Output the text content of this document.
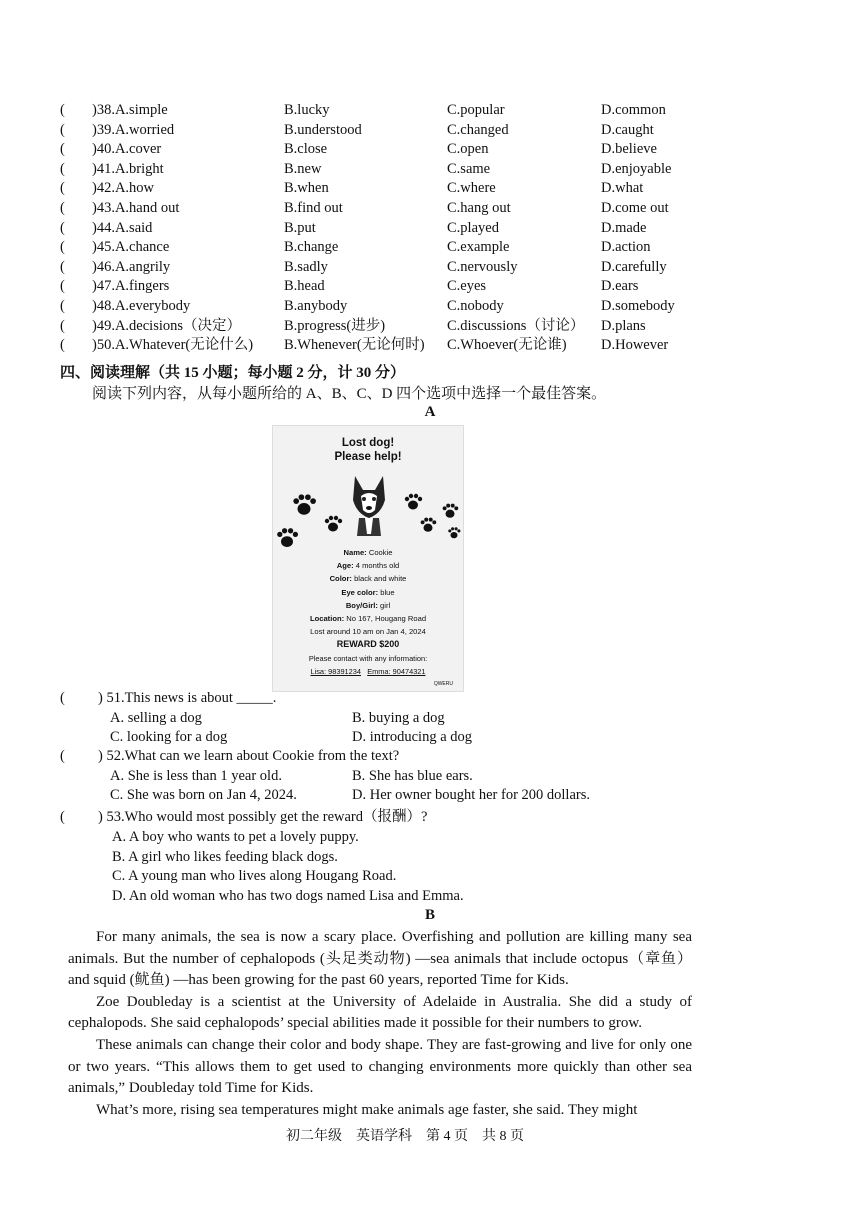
( )38.A.simple	B.lucky	C.popular	D.common
( )39.A.worried	B.understood	C.changed	D.caught
( )40.A.cover	B.close	C.open	D.believe
( )41.A.bright	B.new	C.same	D.enjoyable
( )42.A.how	B.when	C.where	D.what
( )43.A.hand out	B.find out	C.hang out	D.come out
( )44.A.said	B.put	C.played	D.made
( )45.A.chance	B.change	C.example	D.action
( )46.A.angrily	B.sadly	C.nervously	D.carefully
( )47.A.fingers	B.head	C.eyes	D.ears
( )48.A.everybody	B.anybody	C.nobody	D.somebody
( )49.A.decisions（决定）	B.progress(进步)	C.discussions（讨论） D.plans
( )50.A.Whatever(无论什么) B.Whenever(无论何时) C.Whoever(无论谁) D.However
四、阅读理解（共 15 小题；每小题 2 分，计 30 分）
阅读下列内容，从每小题所给的 A、B、C、D 四个选项中选择一个最佳答案。
A
Lost dog!
Please help!
Name: Cookie
Age: 4 months old
Color: black and white
Eye color: blue
Boy/Girl: girl
Location: No 167, Hougang Road
Lost around 10 am on Jan 4, 2024
REWARD $200
Please contact with any information:
Lisa: 98391234 Emma: 90474321
QWERU
( ) 51.This news is about _____.
A. selling a dog	B. buying a dog
C. looking for a dog	D. introducing a dog
( ) 52.What can we learn about Cookie from the text?
A. She is less than 1 year old.	B. She has blue ears.
C. She was born on Jan 4, 2024.	D. Her owner bought her for 200 dollars.
( ) 53.Who would most possibly get the reward（报酬）?
A. A boy who wants to pet a lovely puppy.
B. A girl who likes feeding black dogs.
C. A young man who lives along Hougang Road.
D. An old woman who has two dogs named Lisa and Emma.
B

For many animals, the sea is now a scary place. Overfishing and pollution are killing many sea animals. But the number of cephalopods (头足类动物) —sea animals that include octopus（章鱼）and squid (鱿鱼) —has been growing for the past 60 years, reported Time for Kids.

Zoe Doubleday is a scientist at the University of Adelaide in Australia. She did a study of cephalopods. She said cephalopods’ special abilities made it possible for their numbers to grow.

These animals can change their color and body shape. They are fast-growing and live for only one or two years. “This allows them to get used to changing environments more quickly than other sea animals,” Doubleday told Time for Kids.

What’s more, rising sea temperatures might make animals age faster, she said. They might

初二年级　英语学科　第 4 页　共 8 页
